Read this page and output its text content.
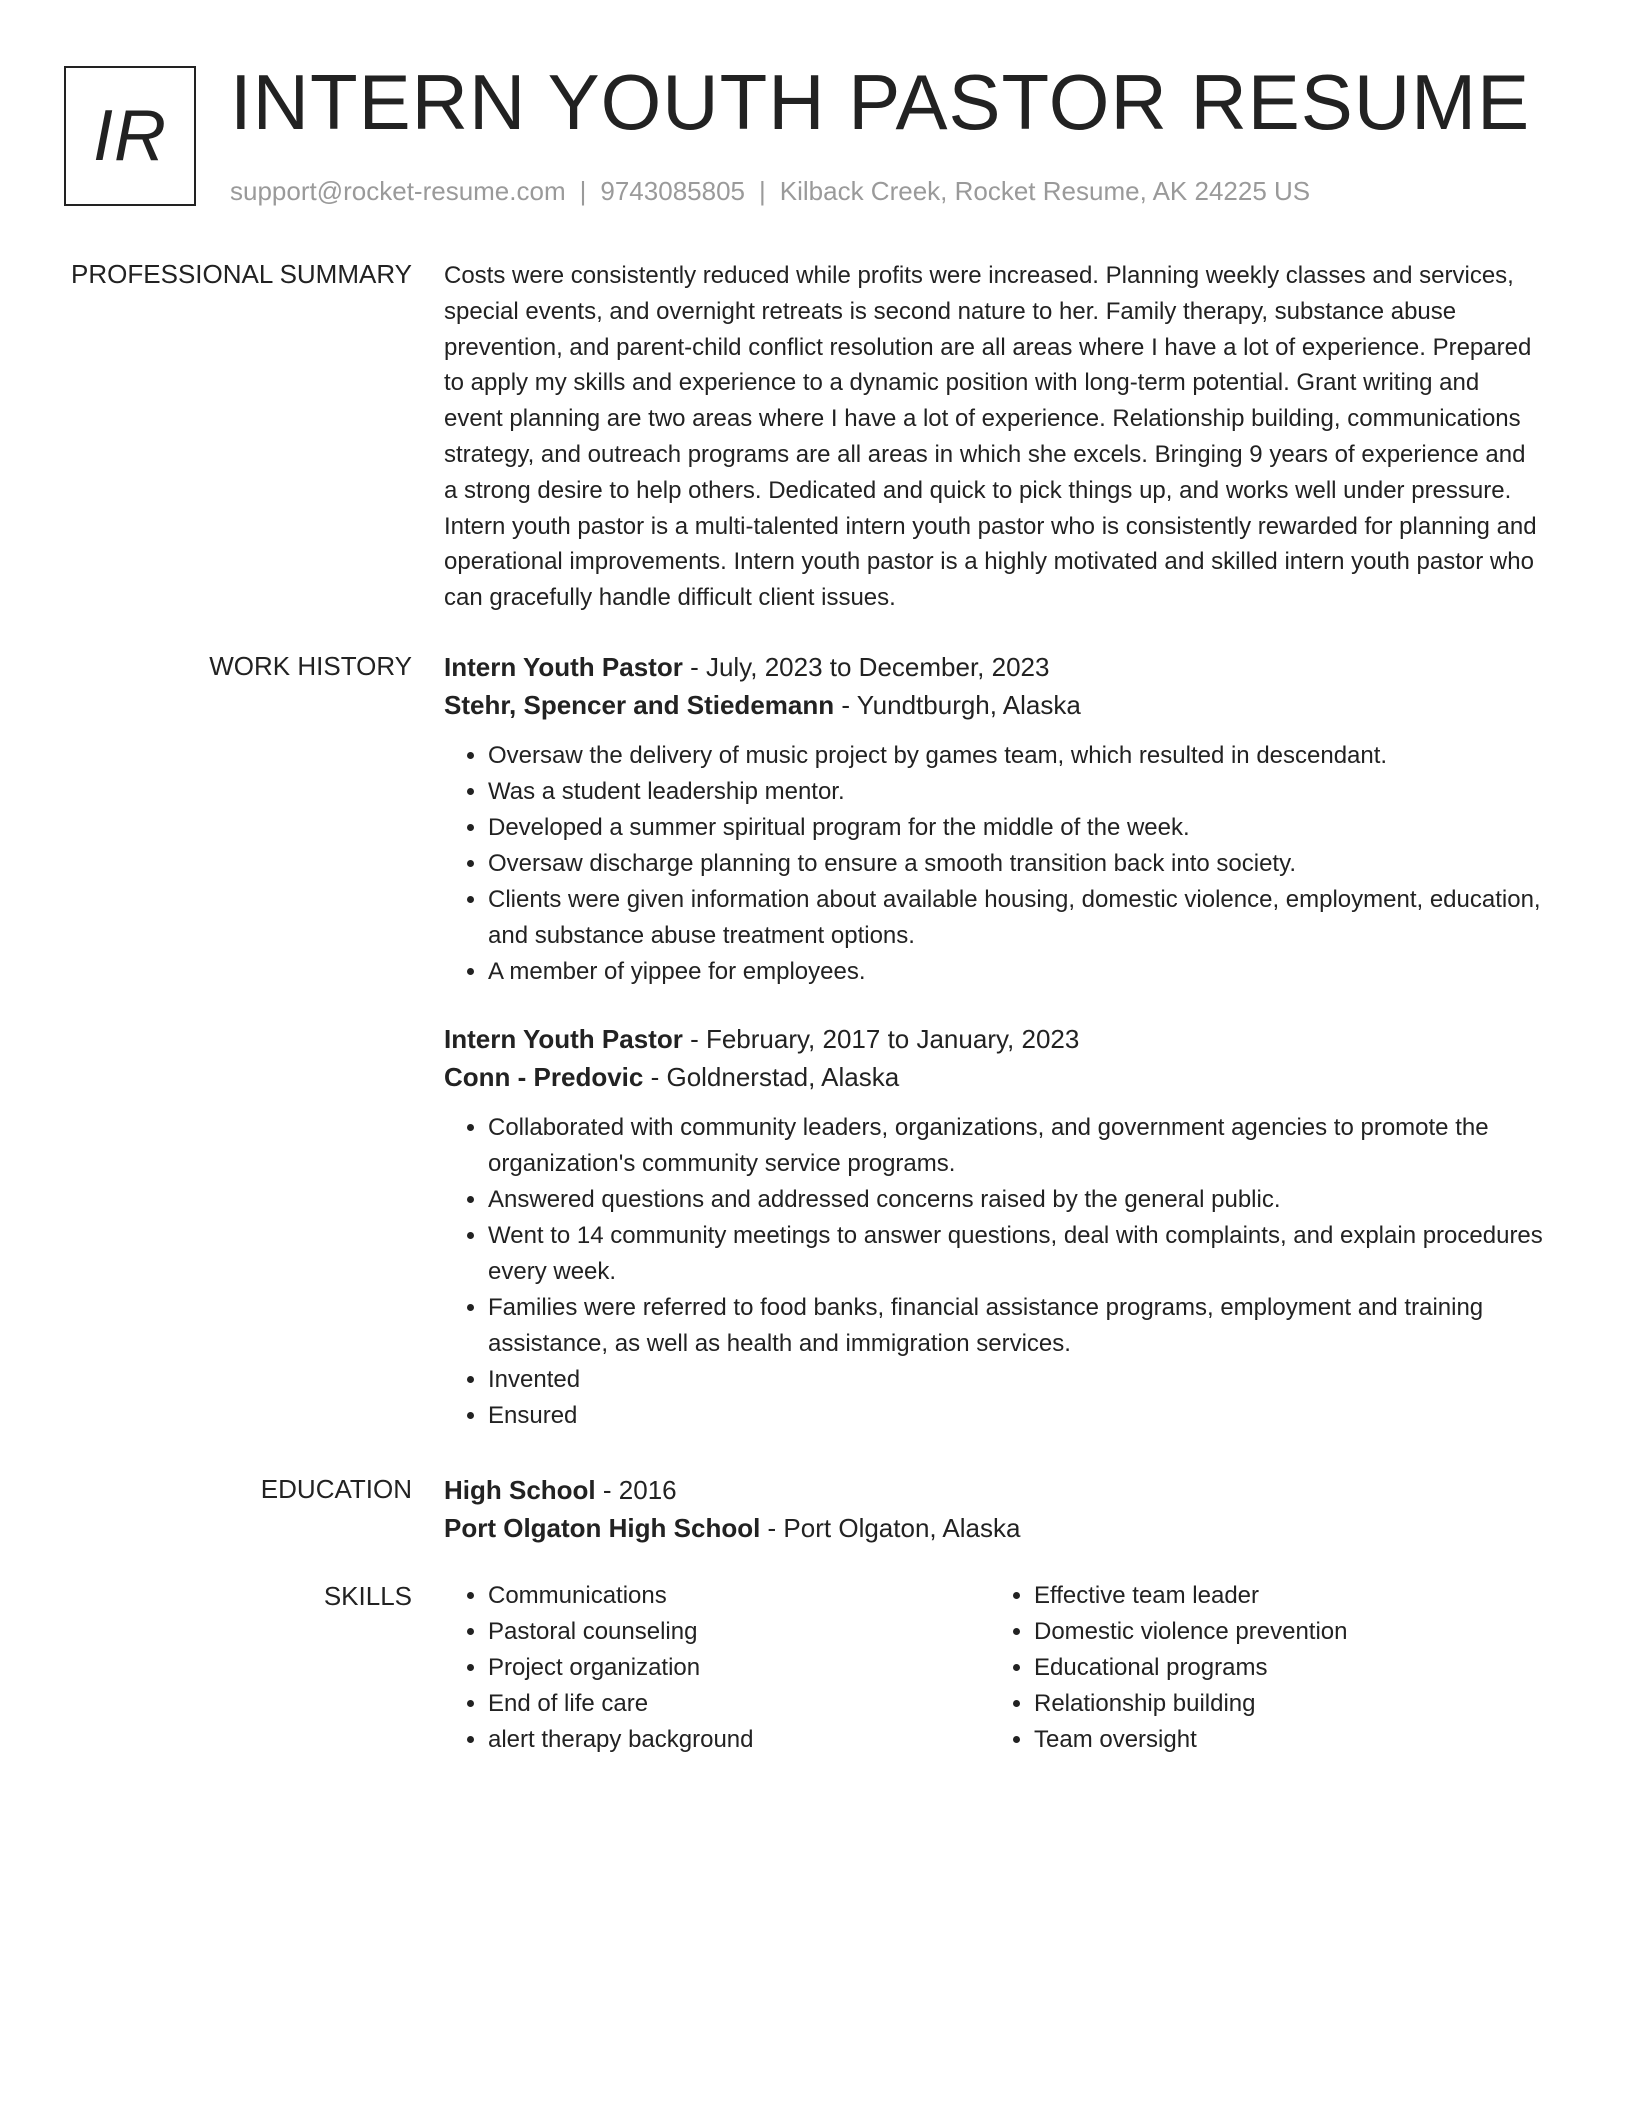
IR INTERN YOUTH PASTOR RESUME
support@rocket-resume.com | 9743085805 | Kilback Creek, Rocket Resume, AK 24225 US
PROFESSIONAL SUMMARY Costs were consistently reduced while profits were increased. Planning weekly classes and services, special events, and overnight retreats is second nature to her. Family therapy, substance abuse prevention, and parent-child conflict resolution are all areas where I have a lot of experience. Prepared to apply my skills and experience to a dynamic position with long-term potential. Grant writing and event planning are two areas where I have a lot of experience. Relationship building, communications strategy, and outreach programs are all areas in which she excels. Bringing 9 years of experience and a strong desire to help others. Dedicated and quick to pick things up, and works well under pressure. Intern youth pastor is a multi-talented intern youth pastor who is consistently rewarded for planning and operational improvements. Intern youth pastor is a highly motivated and skilled intern youth pastor who can gracefully handle difficult client issues.

WORK HISTORY Intern Youth Pastor - July, 2023 to December, 2023
Stehr, Spencer and Stiedemann - Yundtburgh, Alaska
• Oversaw the delivery of music project by games team, which resulted in descendant.
• Was a student leadership mentor.
• Developed a summer spiritual program for the middle of the week.
• Oversaw discharge planning to ensure a smooth transition back into society.
• Clients were given information about available housing, domestic violence, employment, education, and substance abuse treatment options.
• A member of yippee for employees.
Intern Youth Pastor - February, 2017 to January, 2023
Conn - Predovic - Goldnerstad, Alaska
• Collaborated with community leaders, organizations, and government agencies to promote the organization's community service programs.
• Answered questions and addressed concerns raised by the general public.
• Went to 14 community meetings to answer questions, deal with complaints, and explain procedures every week.
• Families were referred to food banks, financial assistance programs, employment and training assistance, as well as health and immigration services.
• Invented
• Ensured
EDUCATION High School - 2016
Port Olgaton High School - Port Olgaton, Alaska
SKILLS
•	Communications
• Pastoral counseling
• Project organization
• End of life care
• alert therapy background
• Effective team leader
• Domestic violence prevention
• Educational programs
• Relationship building
• Team oversight
